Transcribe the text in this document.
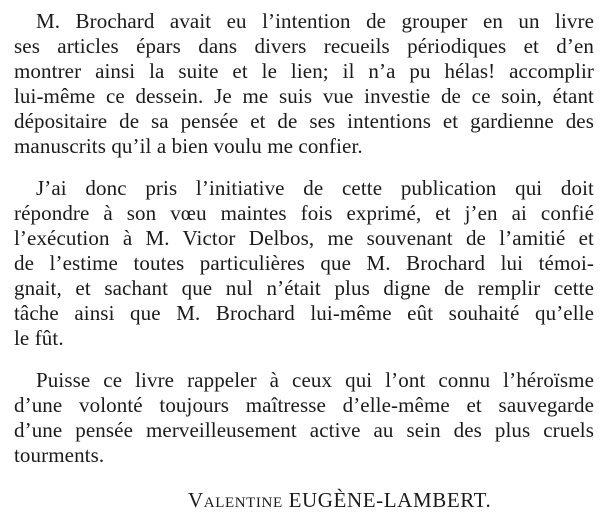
M. Brochard avait eu l’intention de grouper en un livre
ses articles épars dans divers recueils périodiques et d’en
montrer ainsi la suite et le lien; il n’a pu hélas! accomplir
lui-même ce dessein. Je me suis vue investie de ce soin, étant
dépositaire de sa pensée et de ses intentions et gardienne des
manuscrits qu’il a bien voulu me confier.
J’ai donc pris l’initiative de cette publication qui doit
répondre à son vœu maintes fois exprimé, et j’en ai confié
l’exécution à M. Victor Delbos, me souvenant de l’amitié et
de l’estime toutes particulières que M. Brochard lui témoi-
gnait, et sachant que nul n’était plus digne de remplir cette
tâche ainsi que M. Brochard lui-même eût souhaité qu’elle
le fût.
Puisse ce livre rappeler à ceux qui l’ont connu l’héroïsme
d’une volonté toujours maîtresse d’elle-même et sauvegarde
d’une pensée merveilleusement active au sein des plus cruels
tourments.
Valentine EUGÈNE-LAMBERT.
